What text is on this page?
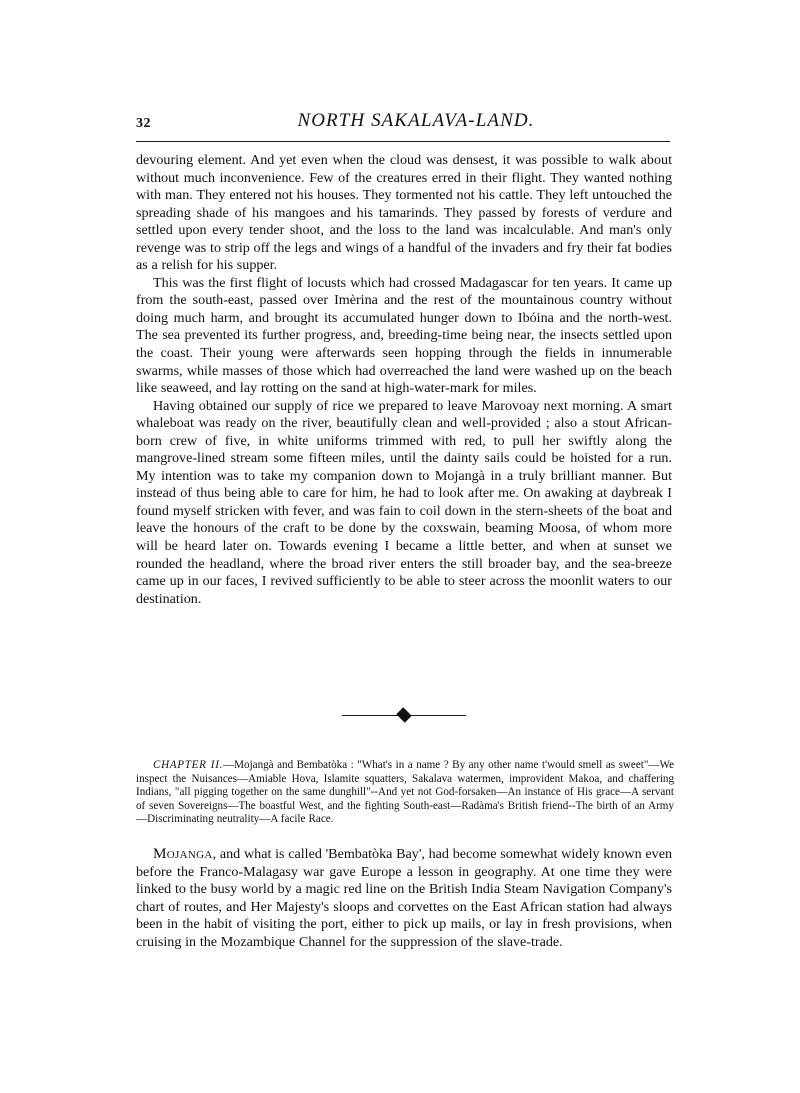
32	NORTH SAKALAVA-LAND.

devouring element. And yet even when the cloud was densest, it was possible to walk about without much inconvenience. Few of the creatures erred in their flight. They wanted nothing with man. They entered not his houses. They tormented not his cattle. They left untouched the spreading shade of his mangoes and his tamarinds. They passed by forests of verdure and settled upon every tender shoot, and the loss to the land was incalculable. And man's only revenge was to strip off the legs and wings of a handful of the invaders and fry their fat bodies as a relish for his supper.

This was the first flight of locusts which had crossed Madagascar for ten years. It came up from the south-east, passed over Imèrina and the rest of the mountainous country without doing much harm, and brought its accumulated hunger down to Ibóina and the north-west. The sea prevented its further progress, and, breeding-time being near, the insects settled upon the coast. Their young were afterwards seen hopping through the fields in innumerable swarms, while masses of those which had overreached the land were washed up on the beach like seaweed, and lay rotting on the sand at high-water-mark for miles.

Having obtained our supply of rice we prepared to leave Marovoay next morning. A smart whaleboat was ready on the river, beautifully clean and well-provided ; also a stout African-born crew of five, in white uniforms trimmed with red, to pull her swiftly along the mangrove-lined stream some fifteen miles, until the dainty sails could be hoisted for a run. My intention was to take my companion down to Mojangà in a truly brilliant manner. But instead of thus being able to care for him, he had to look after me. On awaking at daybreak I found myself stricken with fever, and was fain to coil down in the stern-sheets of the boat and leave the honours of the craft to be done by the coxswain, beaming Moosa, of whom more will be heard later on. Towards evening I became a little better, and when at sunset we rounded the headland, where the broad river enters the still broader bay, and the sea-breeze came up in our faces, I revived sufficiently to be able to steer across the moonlit waters to our destination.

CHAPTER II.—Mojangà and Bembatòka : "What's in a name ? By any other name t'would smell as sweet"—We inspect the Nuisances—Amiable Hova, Islamite squatters, Sakalava watermen, improvident Makoa, and chaffering Indians, "all pigging together on the same dunghill"--And yet not God-forsaken—An instance of His grace—A servant of seven Sovereigns—The boastful West, and the fighting South-east—Radàma's British friend--The birth of an Army—Discriminating neutrality—A facile Race.

Mojanga, and what is called 'Bembatòka Bay', had become somewhat widely known even before the Franco-Malagasy war gave Europe a lesson in geography. At one time they were linked to the busy world by a magic red line on the British India Steam Navigation Company's chart of routes, and Her Majesty's sloops and corvettes on the East African station had always been in the habit of visiting the port, either to pick up mails, or lay in fresh provisions, when cruising in the Mozambique Channel for the suppression of the slave-trade.
